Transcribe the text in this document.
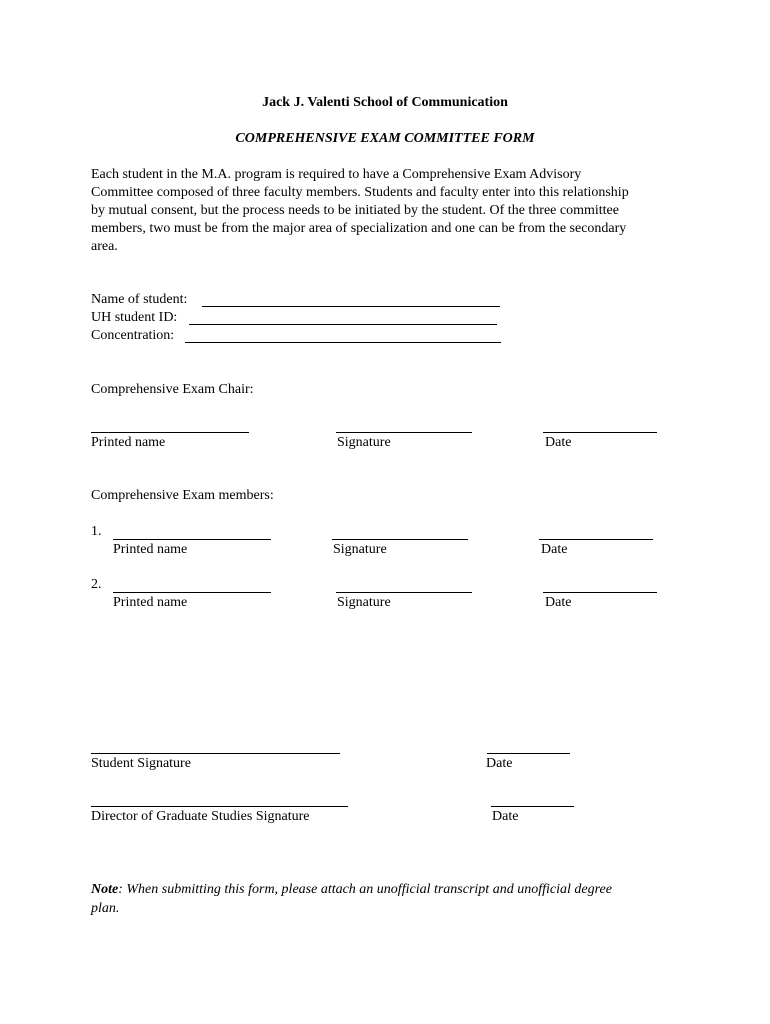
Jack J. Valenti School of Communication
COMPREHENSIVE EXAM COMMITTEE FORM
Each student in the M.A. program is required to have a Comprehensive Exam Advisory
Committee composed of three faculty members. Students and faculty enter into this relationship
by mutual consent, but the process needs to be initiated by the student. Of the three committee
members, two must be from the major area of specialization and one can be from the secondary
area.
Name of student:
UH student ID:
Concentration:
Comprehensive Exam Chair:
Printed name	Signature	Date
Comprehensive Exam members:
1.
Printed name	Signature	Date
2.
Printed name	Signature	Date
Student Signature	Date
Director of Graduate Studies Signature	Date
Note: When submitting this form, please attach an unofficial transcript and unofficial degree
plan.
